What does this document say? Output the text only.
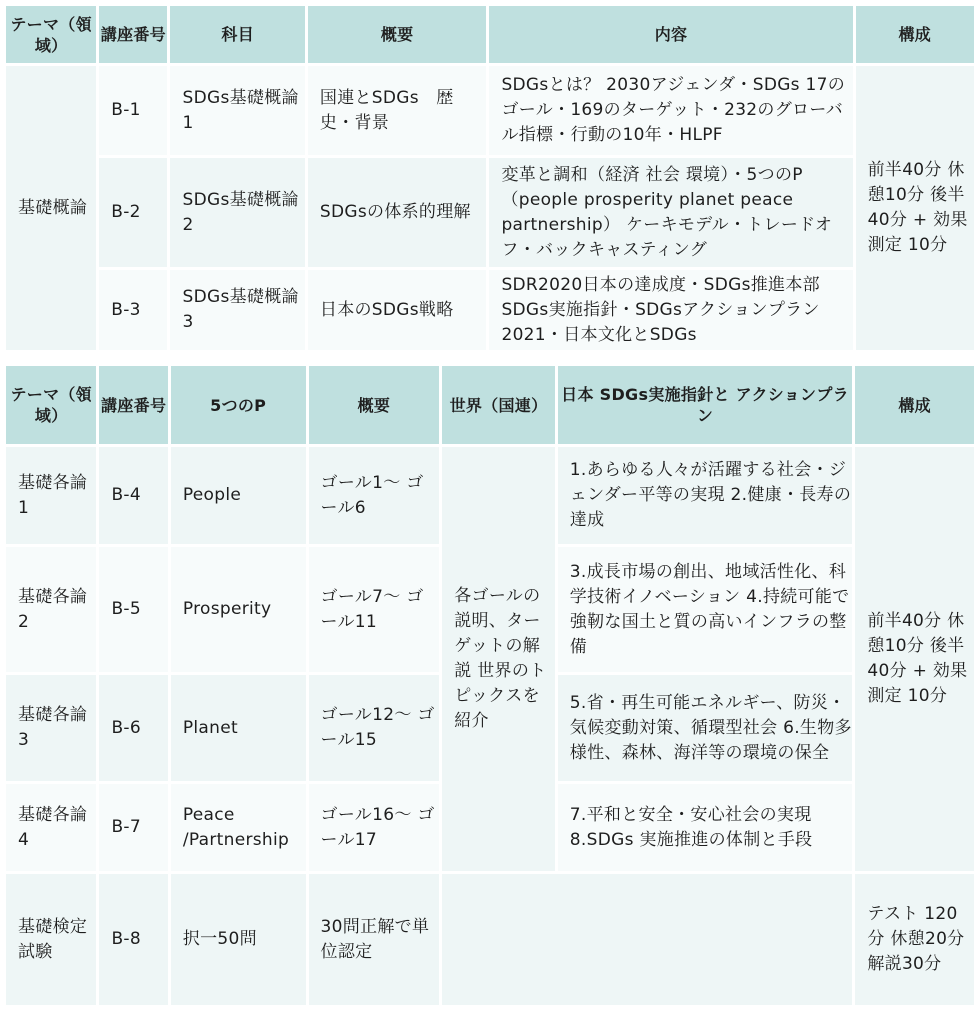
テーマ（領域）	講座番号	科目	概要	内容	構成
基礎概論	B-1	SDGs基礎概論1	国連とSDGs　歴史・背景	SDGsとは？ 2030アジェンダ・SDGs 17のゴール・169のターゲット・232のグローバル指標・行動の10年・HLPF	前半40分 休憩10分 後半40分 + 効果測定 10分
	B-2	SDGs基礎概論2	SDGsの体系的理解	変革と調和（経済 社会 環境）・5つのP（people prosperity planet peace partnership） ケーキモデル・トレードオフ・バックキャスティング	
	B-3	SDGs基礎概論3	日本のSDGs戦略	SDR2020日本の達成度・SDGs推進本部 SDGs実施指針・SDGsアクションプラン2021・日本文化とSDGs	
テーマ（領域）	講座番号	5つのP	概要	世界（国連）	日本 SDGs実施指針と アクションプラン	構成
基礎各論1	B-4	People	ゴール1〜 ゴール6	各ゴールの説明、ターゲットの解説 世界のトピックスを紹介	1.あらゆる人々が活躍する社会・ジェンダー平等の実現 2.健康・長寿の達成	前半40分 休憩10分 後半40分 + 効果測定 10分
基礎各論2	B-5	Prosperity	ゴール7〜 ゴール11		3.成長市場の創出、地域活性化、科学技術イノベーション 4.持続可能で強靭な国土と質の高いインフラの整備	
基礎各論3	B-6	Planet	ゴール12〜 ゴール15		5.省・再生可能エネルギー、防災・気候変動対策、循環型社会 6.生物多様性、森林、海洋等の環境の保全	
基礎各論4	B-7	Peace /Partnership	ゴール16〜 ゴール17		7.平和と安全・安心社会の実現 8.SDGs 実施推進の体制と手段	
基礎検定試験	B-8	択一50問	30問正解で単位認定			テスト 120分 休憩20分 解説30分
